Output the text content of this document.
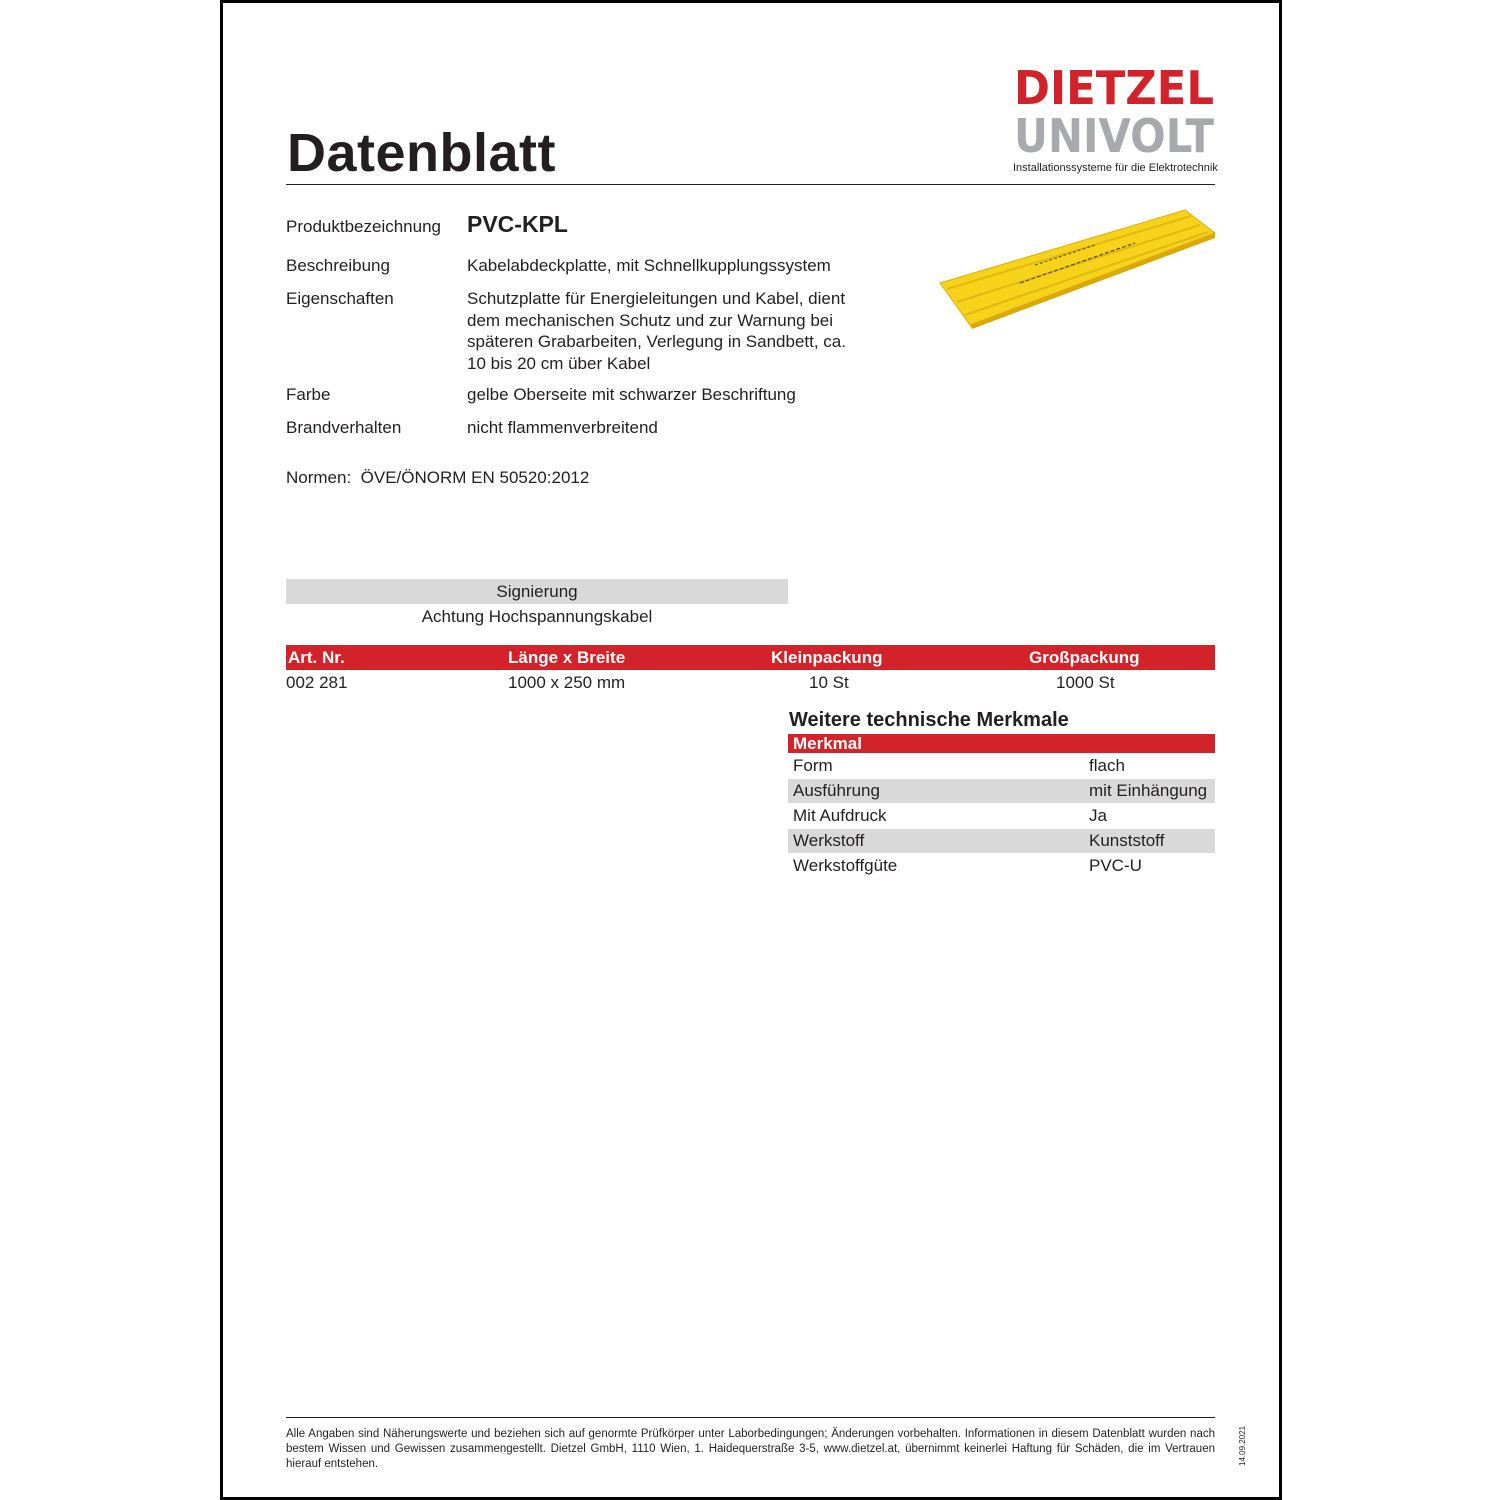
Datenblatt
DIETZEL
UNIVOLT
Installationssysteme für die Elektrotechnik
Produktbezeichnung PVC-KPL
Beschreibung	Kabelabdeckplatte, mit Schnellkupplungssystem
Eigenschaften	Schutzplatte für Energieleitungen und Kabel, dient dem mechanischen Schutz und zur Warnung bei späteren Grabarbeiten, Verlegung in Sandbett, ca. 10 bis 20 cm über Kabel
Farbe	gelbe Oberseite mit schwarzer Beschriftung
Brandverhalten	nicht flammenverbreitend
Normen: ÖVE/ÖNORM EN 50520:2012
Signierung
Achtung Hochspannungskabel
Art. Nr.	Länge x Breite	Kleinpackung	Großpackung
002 281	1000 x 250 mm	10 St	1000 St
Weitere technische Merkmale
Merkmal
Form	flach
Ausführung	mit Einhängung
Mit Aufdruck	Ja
Werkstoff	Kunststoff
Werkstoffgüte	PVC-U
Alle Angaben sind Näherungswerte und beziehen sich auf genormte Prüfkörper unter Laborbedingungen; Änderungen vorbehalten. Informationen in diesem Datenblatt wurden nach bestem Wissen und Gewissen zusammengestellt. Dietzel GmbH, 1110 Wien, 1. Haidequerstraße 3-5, www.dietzel.at, übernimmt keinerlei Haftung für Schäden, die im Vertrauen hierauf entstehen.	14.09.2021
